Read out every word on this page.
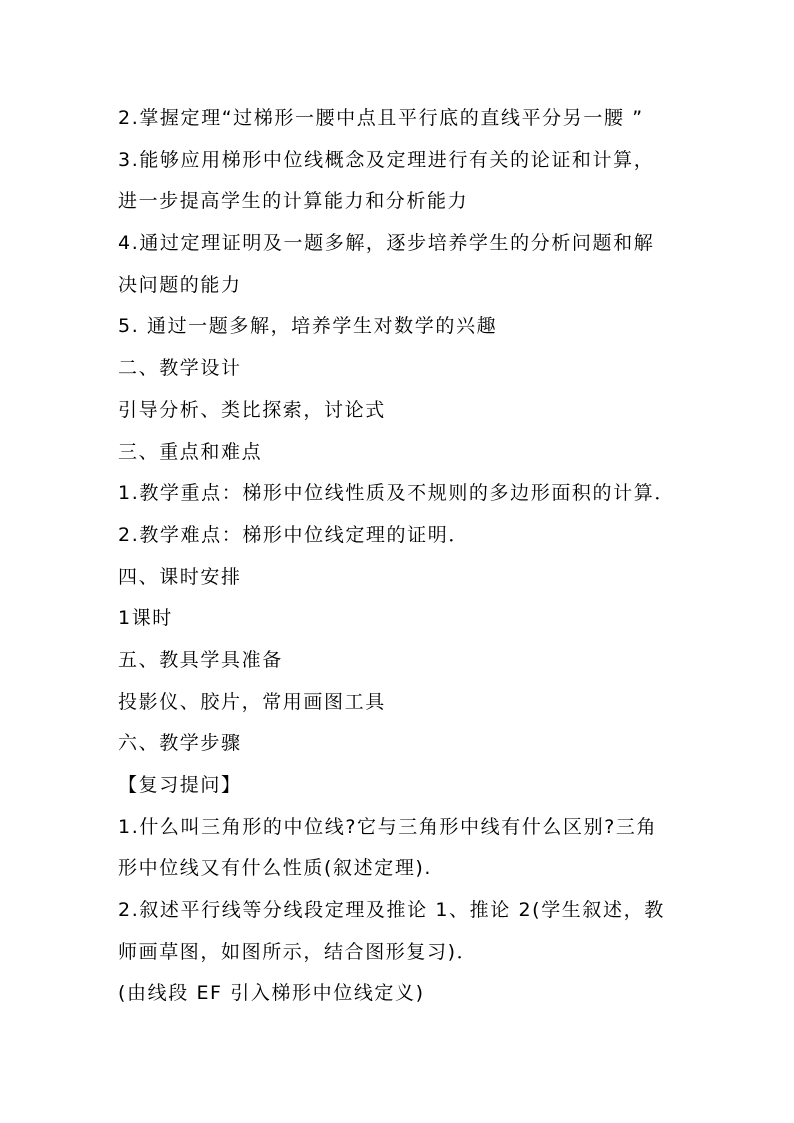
2.掌握定理“过梯形一腰中点且平行底的直线平分另一腰 ”
3.能够应用梯形中位线概念及定理进行有关的论证和计算，
进一步提高学生的计算能力和分析能力
4.通过定理证明及一题多解，逐步培养学生的分析问题和解
决问题的能力
5. 通过一题多解，培养学生对数学的兴趣
二、教学设计
引导分析、类比探索，讨论式
三、重点和难点
1.教学重点：梯形中位线性质及不规则的多边形面积的计算．
2.教学难点：梯形中位线定理的证明．
四、课时安排
1课时
五、教具学具准备
投影仪、胶片，常用画图工具
六、教学步骤
【复习提问】
1.什么叫三角形的中位线?它与三角形中线有什么区别?三角
形中位线又有什么性质(叙述定理).
2.叙述平行线等分线段定理及推论 1、推论 2(学生叙述，教
师画草图，如图所示，结合图形复习)．
(由线段 EF 引入梯形中位线定义)
